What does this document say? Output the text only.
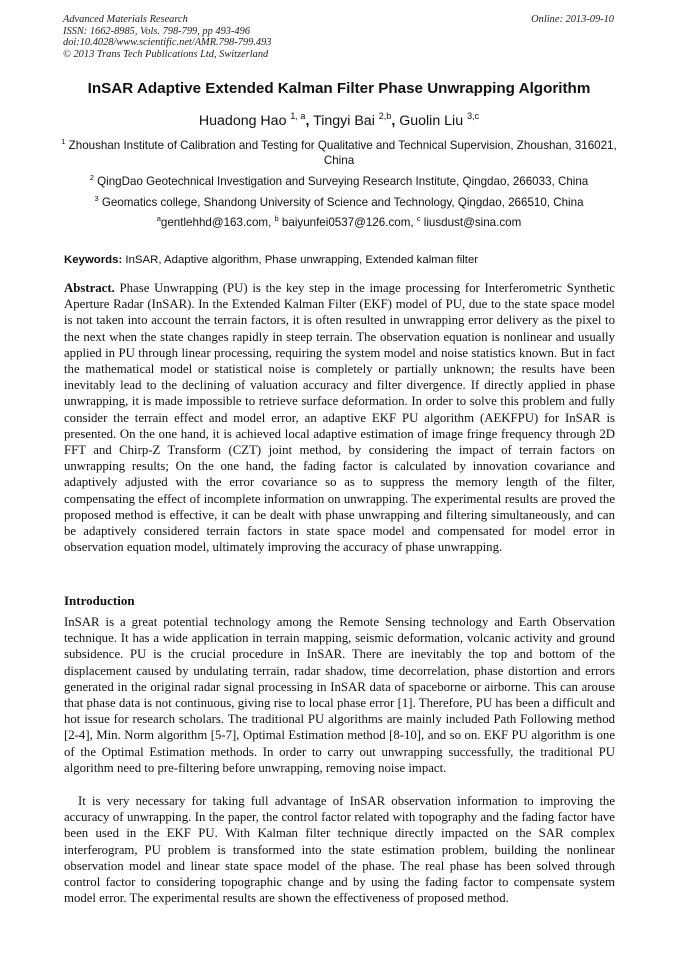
Advanced Materials Research
ISSN: 1662-8985, Vols. 798-799, pp 493-496
doi:10.4028/www.scientific.net/AMR.798-799.493
© 2013 Trans Tech Publications Ltd, Switzerland
Online: 2013-09-10
InSAR Adaptive Extended Kalman Filter Phase Unwrapping Algorithm
Huadong Hao $^{1, a}$, Tingyi Bai $^{2,b}$, Guolin Liu $^{3,c}$
$^1$ Zhoushan Institute of Calibration and Testing for Qualitative and Technical Supervision, Zhoushan, 316021, China
$^2$ QingDao Geotechnical Investigation and Surveying Research Institute, Qingdao, 266033, China
$^3$ Geomatics college, Shandong University of Science and Technology, Qingdao, 266510, China
$^a$gentlehhd@163.com, $^b$ baiyunfei0537@126.com, $^c$ liusdust@sina.com
Keywords: InSAR, Adaptive algorithm, Phase unwrapping, Extended kalman filter
Abstract. Phase Unwrapping (PU) is the key step in the image processing for Interferometric Synthetic Aperture Radar (InSAR). In the Extended Kalman Filter (EKF) model of PU, due to the state space model is not taken into account the terrain factors, it is often resulted in unwrapping error delivery as the pixel to the next when the state changes rapidly in steep terrain. The observation equation is nonlinear and usually applied in PU through linear processing, requiring the system model and noise statistics known. But in fact the mathematical model or statistical noise is completely or partially unknown; the results have been inevitably lead to the declining of valuation accuracy and filter divergence. If directly applied in phase unwrapping, it is made impossible to retrieve surface deformation. In order to solve this problem and fully consider the terrain effect and model error, an adaptive EKF PU algorithm (AEKFPU) for InSAR is presented. On the one hand, it is achieved local adaptive estimation of image fringe frequency through 2D FFT and Chirp-Z Transform (CZT) joint method, by considering the impact of terrain factors on unwrapping results; On the one hand, the fading factor is calculated by innovation covariance and adaptively adjusted with the error covariance so as to suppress the memory length of the filter, compensating the effect of incomplete information on unwrapping. The experimental results are proved the proposed method is effective, it can be dealt with phase unwrapping and filtering simultaneously, and can be adaptively considered terrain factors in state space model and compensated for model error in observation equation model, ultimately improving the accuracy of phase unwrapping.
Introduction
InSAR is a great potential technology among the Remote Sensing technology and Earth Observation technique. It has a wide application in terrain mapping, seismic deformation, volcanic activity and ground subsidence. PU is the crucial procedure in InSAR. There are inevitably the top and bottom of the displacement caused by undulating terrain, radar shadow, time decorrelation, phase distortion and errors generated in the original radar signal processing in InSAR data of spaceborne or airborne. This can arouse that phase data is not continuous, giving rise to local phase error [1]. Therefore, PU has been a difficult and hot issue for research scholars. The traditional PU algorithms are mainly included Path Following method [2-4], Min. Norm algorithm [5-7], Optimal Estimation method [8-10], and so on. EKF PU algorithm is one of the Optimal Estimation methods. In order to carry out unwrapping successfully, the traditional PU algorithm need to pre-filtering before unwrapping, removing noise impact.
It is very necessary for taking full advantage of InSAR observation information to improving the accuracy of unwrapping. In the paper, the control factor related with topography and the fading factor have been used in the EKF PU. With Kalman filter technique directly impacted on the SAR complex interferogram, PU problem is transformed into the state estimation problem, building the nonlinear observation model and linear state space model of the phase. The real phase has been solved through control factor to considering topographic change and by using the fading factor to compensate system model error. The experimental results are shown the effectiveness of proposed method.
